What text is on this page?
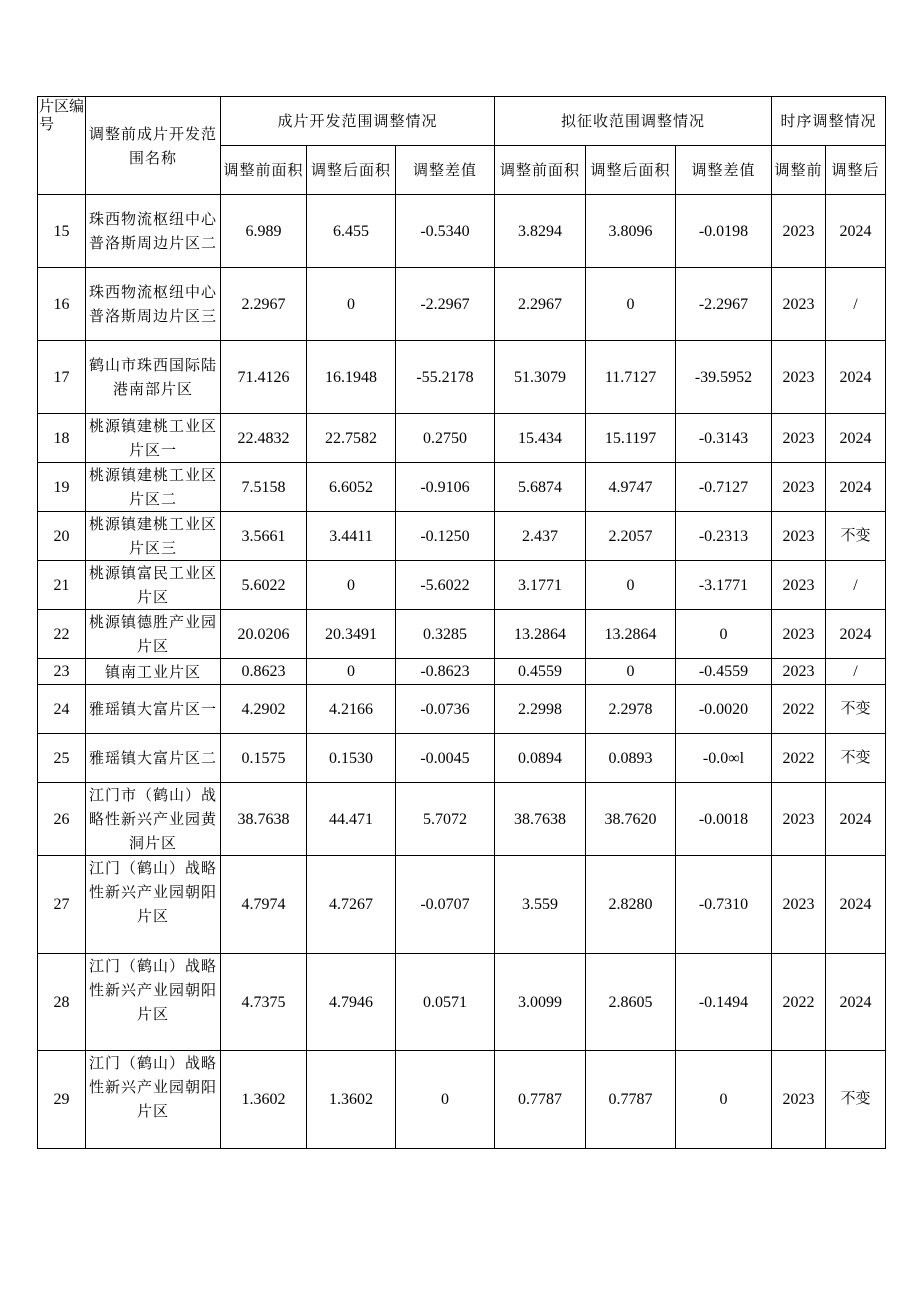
片区编号	调整前成片开发范围名称	成片开发范围调整情况			拟征收范围调整情况			时序调整情况	
		调整前面积	调整后面积	调整差值	调整前面积	调整后面积	调整差值	调整前	调整后
15	珠西物流枢纽中心普洛斯周边片区二	6.989	6.455	-0.5340	3.8294	3.8096	-0.0198	2023	2024
16	珠西物流枢纽中心普洛斯周边片区三	2.2967	0	-2.2967	2.2967	0	-2.2967	2023	/
17	鹤山市珠西国际陆港南部片区	71.4126	16.1948	-55.2178	51.3079	11.7127	-39.5952	2023	2024
18	桃源镇建桃工业区片区一	22.4832	22.7582	0.2750	15.434	15.1197	-0.3143	2023	2024
19	桃源镇建桃工业区片区二	7.5158	6.6052	-0.9106	5.6874	4.9747	-0.7127	2023	2024
20	桃源镇建桃工业区片区三	3.5661	3.4411	-0.1250	2.437	2.2057	-0.2313	2023	不变
21	桃源镇富民工业区片区	5.6022	0	-5.6022	3.1771	0	-3.1771	2023	/
22	桃源镇德胜产业园片区	20.0206	20.3491	0.3285	13.2864	13.2864	0	2023	2024
23	镇南工业片区	0.8623	0	-0.8623	0.4559	0	-0.4559	2023	/
24	雅瑶镇大富片区一	4.2902	4.2166	-0.0736	2.2998	2.2978	-0.0020	2022	不变
25	雅瑶镇大富片区二	0.1575	0.1530	-0.0045	0.0894	0.0893	-0.0∞l	2022	不变
26	江门市（鹤山）战略性新兴产业园黄洞片区	38.7638	44.471	5.7072	38.7638	38.7620	-0.0018	2023	2024
27	江门（鹤山）战略性新兴产业园朝阳片区	4.7974	4.7267	-0.0707	3.559	2.8280	-0.7310	2023	2024
28	江门（鹤山）战略性新兴产业园朝阳片区	4.7375	4.7946	0.0571	3.0099	2.8605	-0.1494	2022	2024
29	江门（鹤山）战略性新兴产业园朝阳片区	1.3602	1.3602	0	0.7787	0.7787	0	2023	不变
